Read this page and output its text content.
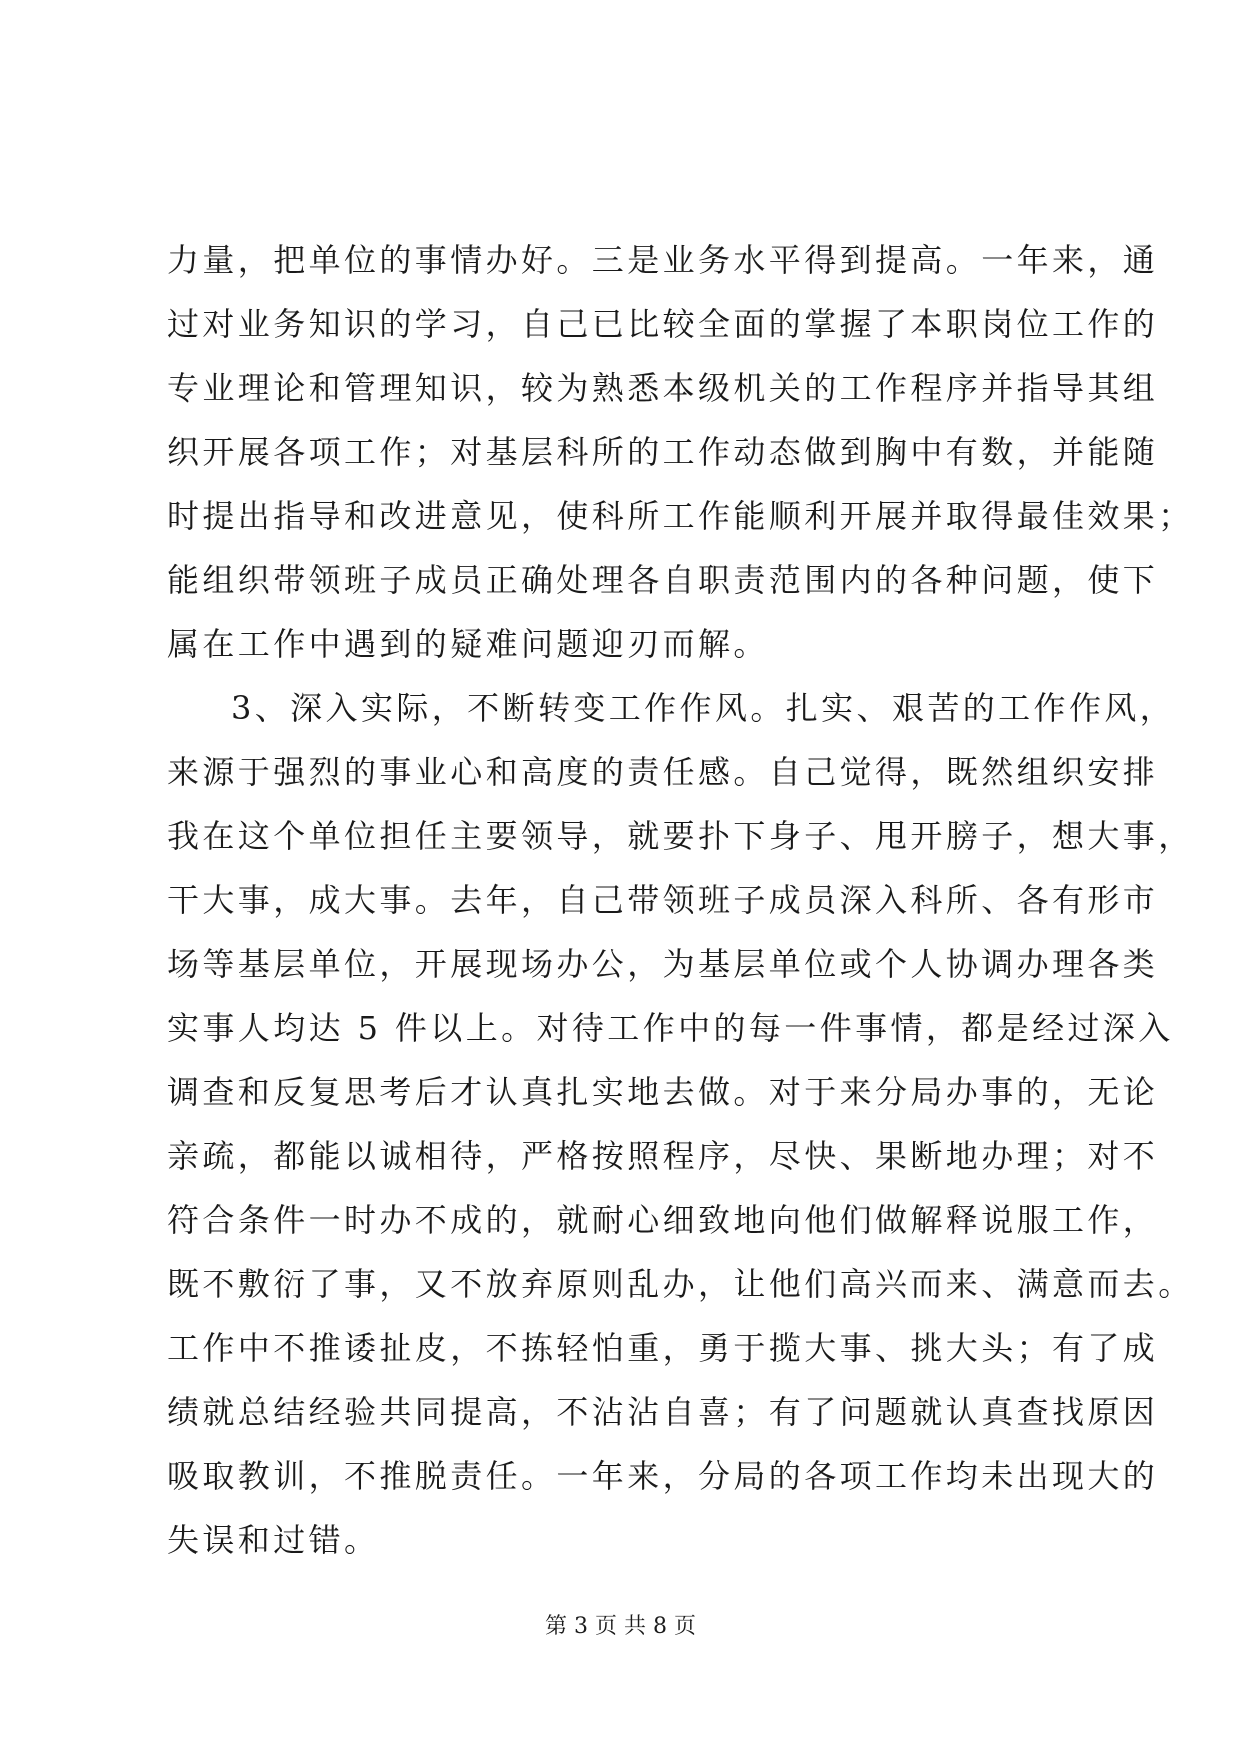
力量，把单位的事情办好。三是业务水平得到提高。一年来，通
过对业务知识的学习，自己已比较全面的掌握了本职岗位工作的
专业理论和管理知识，较为熟悉本级机关的工作程序并指导其组
织开展各项工作；对基层科所的工作动态做到胸中有数，并能随
时提出指导和改进意见，使科所工作能顺利开展并取得最佳效果；
能组织带领班子成员正确处理各自职责范围内的各种问题，使下
属在工作中遇到的疑难问题迎刃而解。
3、深入实际，不断转变工作作风。扎实、艰苦的工作作风，
来源于强烈的事业心和高度的责任感。自己觉得，既然组织安排
我在这个单位担任主要领导，就要扑下身子、甩开膀子，想大事，
干大事，成大事。去年，自己带领班子成员深入科所、各有形市
场等基层单位，开展现场办公，为基层单位或个人协调办理各类
实事人均达 5 件以上。对待工作中的每一件事情，都是经过深入
调查和反复思考后才认真扎实地去做。对于来分局办事的，无论
亲疏，都能以诚相待，严格按照程序，尽快、果断地办理；对不
符合条件一时办不成的，就耐心细致地向他们做解释说服工作，
既不敷衍了事，又不放弃原则乱办，让他们高兴而来、满意而去。
工作中不推诿扯皮，不拣轻怕重，勇于揽大事、挑大头；有了成
绩就总结经验共同提高，不沾沾自喜；有了问题就认真查找原因
吸取教训，不推脱责任。一年来，分局的各项工作均未出现大的
失误和过错。
第 3 页 共 8 页
